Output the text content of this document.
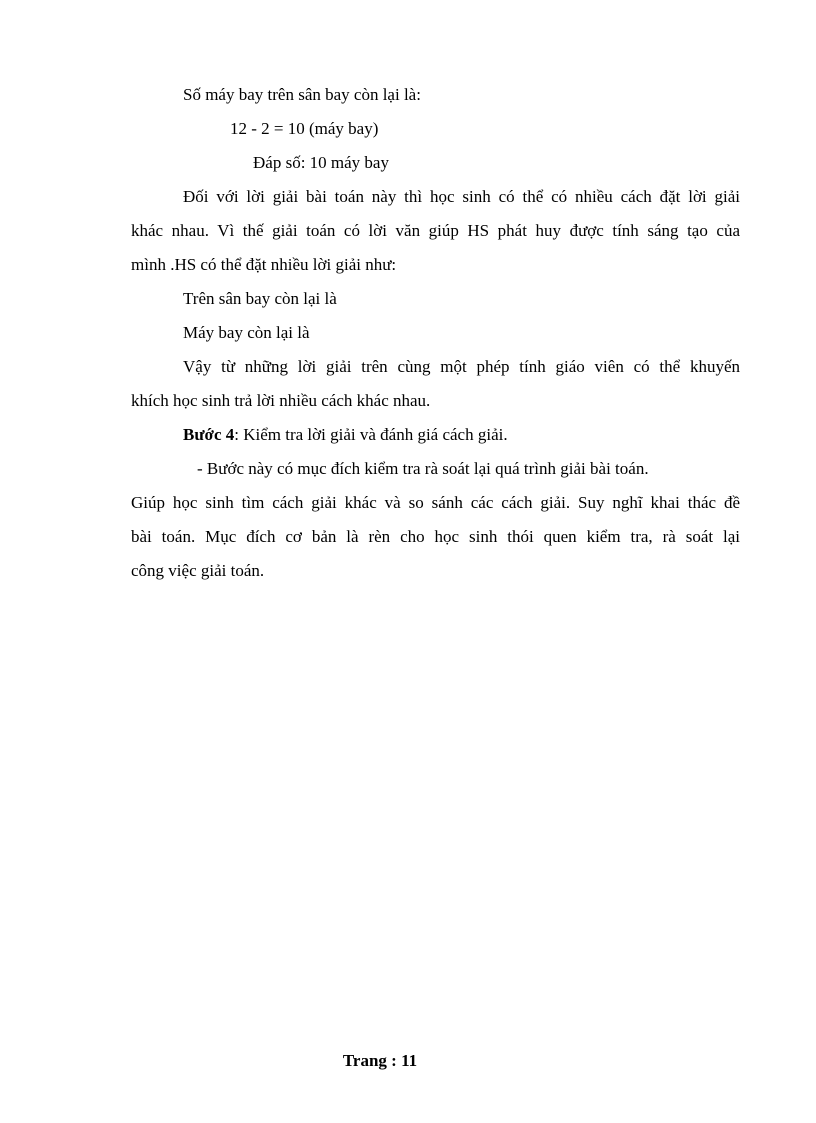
Số máy bay trên sân bay còn lại là:
12 - 2 = 10 (máy bay)
Đáp số: 10 máy bay
Đối với lời giải bài toán này thì học sinh có thể có nhiều cách đặt lời giải
khác nhau. Vì thế giải toán có lời văn giúp HS phát huy được tính sáng tạo của
mình .HS có thể đặt nhiều lời giải như:
Trên sân bay còn lại là
Máy bay còn lại là
Vậy từ những lời giải trên cùng một phép tính giáo viên có thể khuyến
khích học sinh trả lời nhiều cách khác nhau.
Bước 4: Kiểm tra lời giải và đánh giá cách giải.
- Bước này có mục đích kiểm tra rà soát lại quá trình giải bài toán.
Giúp học sinh tìm cách giải khác và so sánh các cách giải. Suy nghĩ khai thác đề
bài toán. Mục đích cơ bản là rèn cho học sinh thói quen kiểm tra, rà soát lại
công việc giải toán.
Trang : 11
